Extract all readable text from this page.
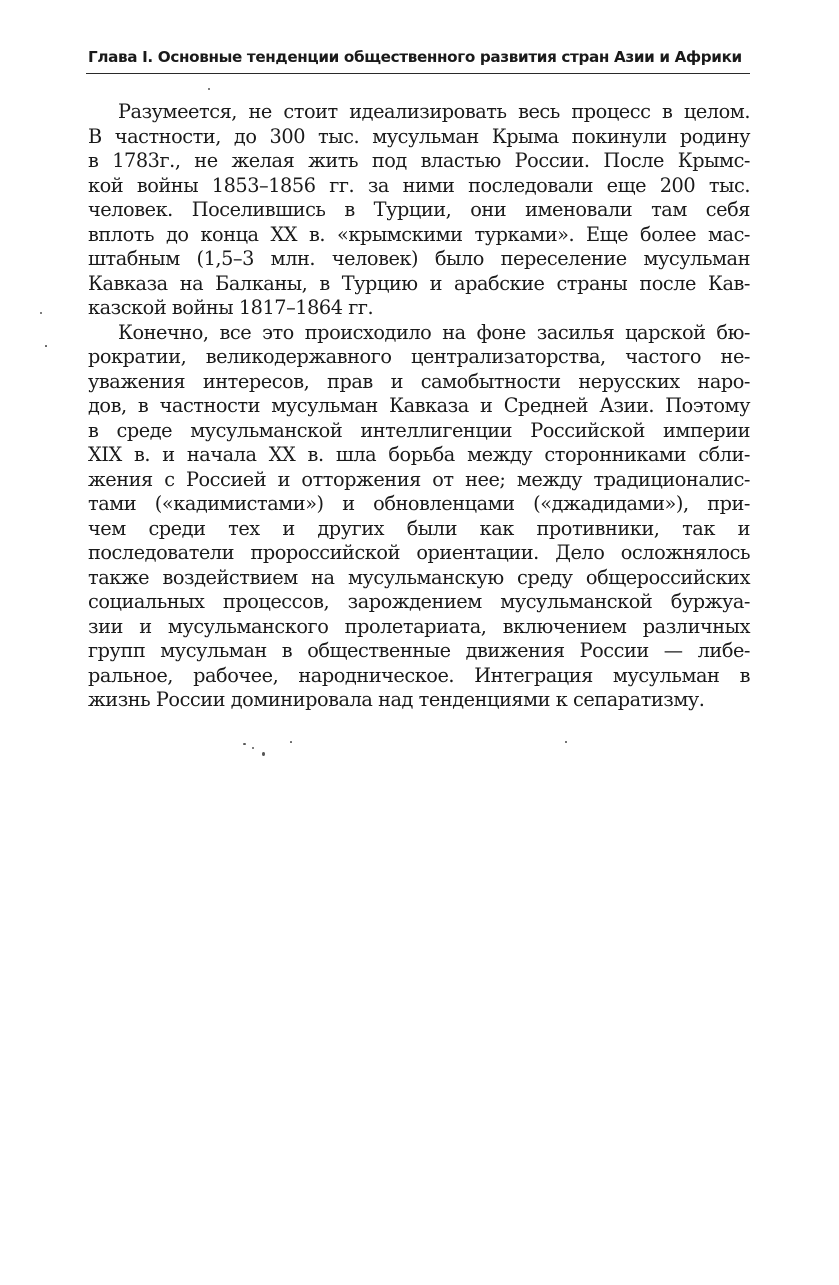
Глава I. Основные тенденции общественного развития стран Азии и Африки
Разумеется, не стоит идеализировать весь процесс в целом.
В частности, до 300 тыс. мусульман Крыма покинули родину
в 1783г., не желая жить под властью России. После Крымс-
кой войны 1853–1856 гг. за ними последовали еще 200 тыс.
человек. Поселившись в Турции, они именовали там себя
вплоть до конца XX в. «крымскими турками». Еще более мас-
штабным (1,5–3 млн. человек) было переселение мусульман
Кавказа на Балканы, в Турцию и арабские страны после Кав-
казской войны 1817–1864 гг.
Конечно, все это происходило на фоне засилья царской бю-
рократии, великодержавного централизаторства, частого не-
уважения интересов, прав и самобытности нерусских наро-
дов, в частности мусульман Кавказа и Средней Азии. Поэтому
в среде мусульманской интеллигенции Российской империи
XIX в. и начала XX в. шла борьба между сторонниками сбли-
жения с Россией и отторжения от нее; между традиционалис-
тами («кадимистами») и обновленцами («джадидами»), при-
чем среди тех и других были как противники, так и
последователи пророссийской ориентации. Дело осложнялось
также воздействием на мусульманскую среду общероссийских
социальных процессов, зарождением мусульманской буржуа-
зии и мусульманского пролетариата, включением различных
групп мусульман в общественные движения России — либе-
ральное, рабочее, народническое. Интеграция мусульман в
жизнь России доминировала над тенденциями к сепаратизму.
